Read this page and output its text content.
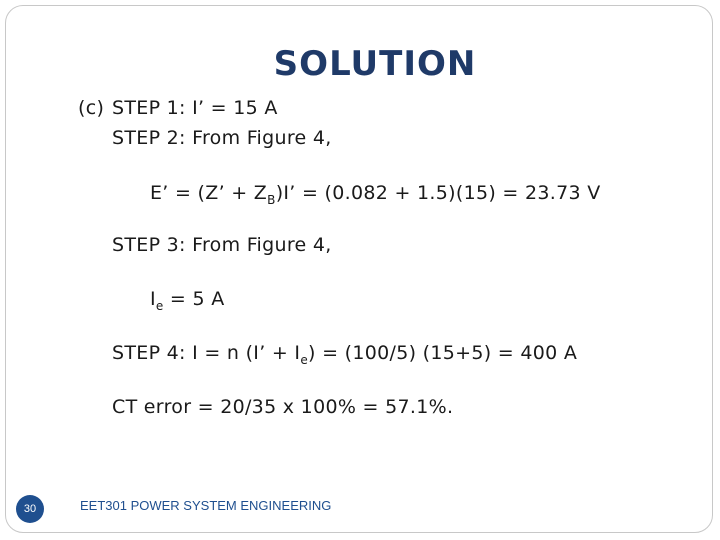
SOLUTION
(c) STEP 1: I’ = 15 A
STEP 2: From Figure 4,
E’ = (Z’ + $Z_B)I$’ = (0.082 + 1.5)(15) = 23.73 V
STEP 3: From Figure 4,
$I_e = 5$ A
STEP 4: I = n (I’ + $I_e) = (100/5)$ (15+5) = 400 A
CT error = 20/35 x 100% = 57.1%.
30	EET301 POWER SYSTEM ENGINEERING
